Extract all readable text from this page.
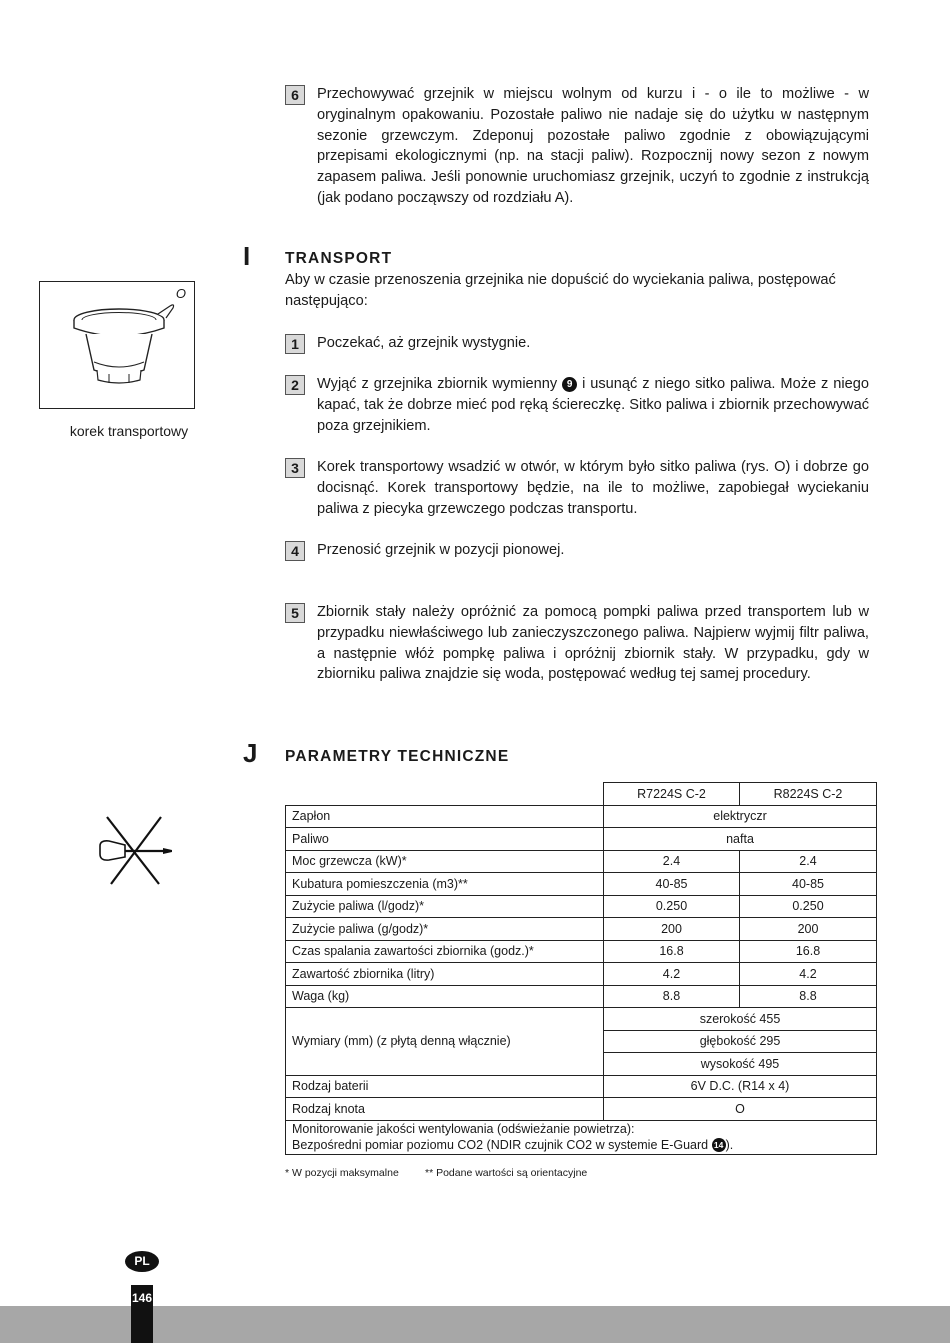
6	Przechowywać grzejnik w miejscu wolnym od kurzu i - o ile to możliwe - w oryginalnym opakowaniu. Pozostałe paliwo nie nadaje się do użytku w następnym sezonie grzewczym. Zdeponuj pozostałe paliwo zgodnie z obowiązującymi przepisami ekologicznymi (np. na stacji paliw). Rozpocznij nowy sezon z nowym zapasem paliwa. Jeśli ponownie uruchomiasz grzejnik, uczyń to zgodnie z instrukcją (jak podano począwszy od rozdziału A).
I TRANSPORT
Aby w czasie przenoszenia grzejnika nie dopuścić do wyciekania paliwa, postępować następująco:
O
korek transportowy
1	Poczekać, aż grzejnik wystygnie.
2	Wyjąć z grzejnika zbiornik wymienny 9 i usunąć z niego sitko paliwa. Może z niego kapać, tak że dobrze mieć pod ręką ściereczkę. Sitko paliwa i zbiornik przechowywać poza grzejnikiem.
3	Korek transportowy wsadzić w otwór, w którym było sitko paliwa (rys. O) i dobrze go docisnąć. Korek transportowy będzie, na ile to możliwe, zapobiegał wyciekaniu paliwa z piecyka grzewczego podczas transportu.
4	Przenosić grzejnik w pozycji pionowej.
5	Zbiornik stały należy opróżnić za pomocą pompki paliwa przed transportem lub w przypadku niewłaściwego lub zanieczyszczonego paliwa. Najpierw wyjmij filtr paliwa, a następnie włóż pompkę paliwa i opróżnij zbiornik stały. W przypadku, gdy w zbiorniku paliwa znajdzie się woda, postępować według tej samej procedury.
J PARAMETRY TECHNICZNE
	R7224S C-2	R8224S C-2
Zapłon	elektryczr	
Paliwo	nafta	
Moc grzewcza (kW)*	2.4	2.4
Kubatura pomieszczenia (m3)**	40-85	40-85
Zużycie paliwa (l/godz)*	0.250	0.250
Zużycie paliwa (g/godz)*	200	200
Czas spalania zawartości zbiornika (godz.)*	16.8	16.8
Zawartość zbiornika (litry)	4.2	4.2
Waga (kg)	8.8	8.8
Wymiary (mm) (z płytą denną włącznie)	szerokość 455	
	głębokość 295	
	wysokość 495	
Rodzaj baterii	6V D.C. (R14 x 4)	
Rodzaj knota	O	
Monitorowanie jakości wentylowania (odświeżanie powietrza):
Bezpośredni pomiar poziomu CO2 (NDIR czujnik CO2 w systemie E-Guard 14 ).		
* W pozycji maksymalne ** Podane wartości są orientacyjne
146
PL
